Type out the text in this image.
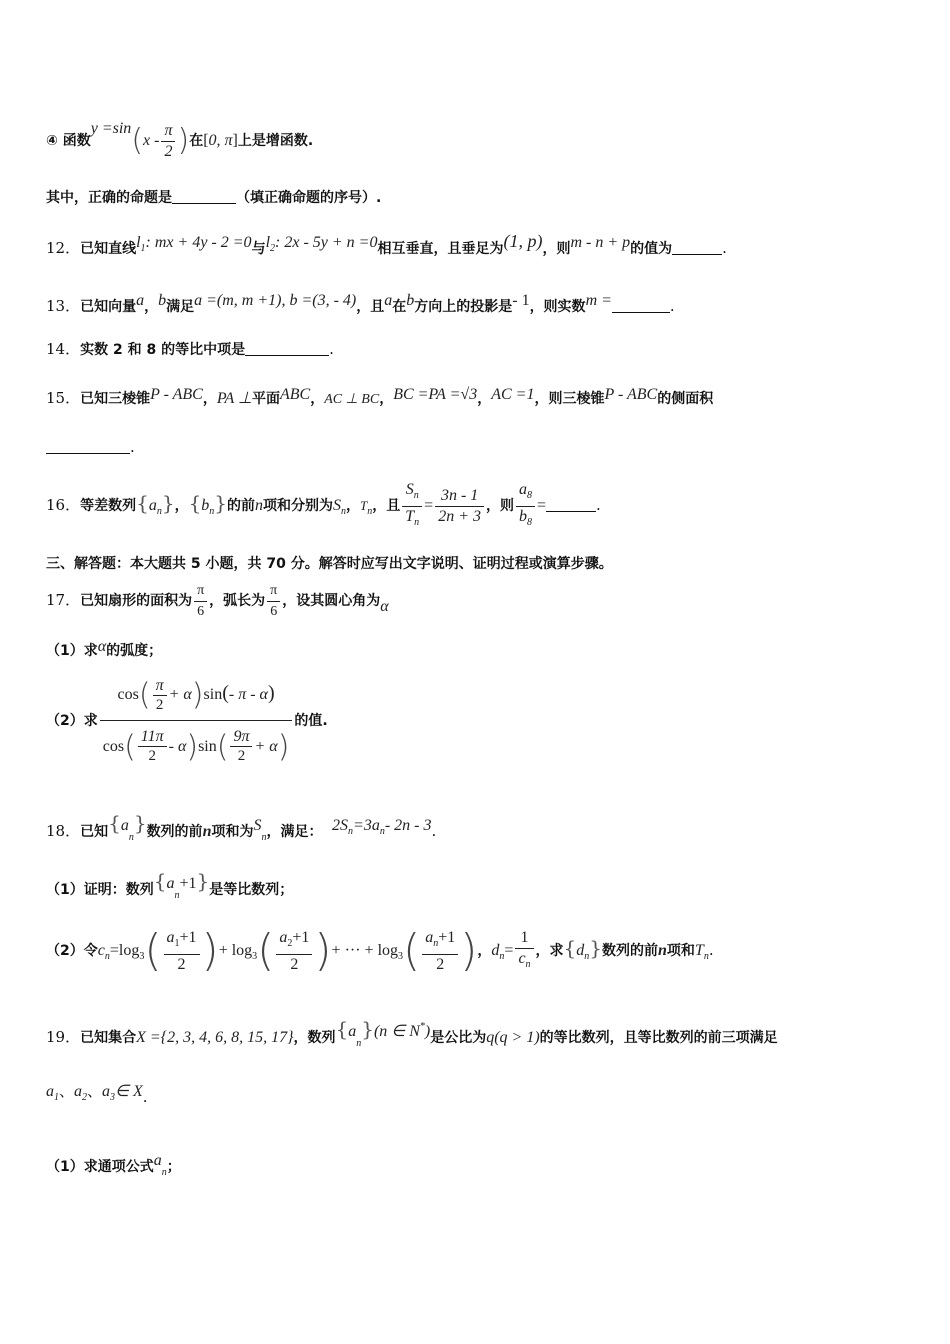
④ 函数$y =\sin(x - \frac{\pi}{2}$ )在[0, π]上是增函数.
其中，正确的命题是	（填正确命题的序号）.
12．已知直线$l_1$: mx + 4y - 2 =0与$l_2$: 2x - 5y + n =0相互垂直，且垂足为(1, p)，则m - n + p的值为	.
13．已知向量a，b满足a =(m, m +1), b =(3, - 4)，且a在b方向上的投影是- 1，则实数m =	.
14．实数 2 和 8 的等比中项是	.
15．已知三棱锥P - ABC，PA ⊥平面ABC，AC ⊥ BC，BC =PA =√3，AC =1，则三棱锥P - ABC的侧面积
.
16．等差数列$\{a_n\}$，$\{b_n\}$的前n项和分别为$S_n$，$T_n$，且 $\frac{S_n}{T_n} = \frac{3n - 1}{2n + 3}$ ，则 $\frac{a_8}{b_8}$ =	.
三、解答题：本大题共 5 小题，共 70 分。解答时应写出文字说明、证明过程或演算步骤。
17．已知扇形的面积为 $\frac{\pi}{6}$ ，弧长为 $\frac{\pi}{6}$ ，设其圆心角为α
（1）求α的弧度；
（2）求 $\frac{\cos( \frac{\pi}{2} + \alpha)\sin(- \pi - \alpha)}{\cos( \frac{11\pi}{2} - \alpha)\sin( \frac{9\pi}{2} + \alpha)}$ 的值.
18．已知$\{a_n\}$数列的前n项和为$S_n$，满足： $2S_n=3a_n-$ 2n - 3.
（1）证明：数列$\{a_n+1\}$是等比数列；
（2）令$c_n=\log_3( \frac{a_1+1}{2}$ )+ $\log_3( \frac{a_2+1}{2}$ )+ ··· + $\log_3( \frac{a_n+1}{2}$ )，$d_n= \frac{1}{c_n}$ ，求$\{d_n\}$数列的前n项和$T_n$.
19．已知集合X ={2, 3, 4, 6, 8, 15, 17}，数列$\{a_n\}(n$ ∈ N*)是公比为q(q > 1)的等比数列，且等比数列的前三项满足
$a_1$、$a_2$、$a_3\in$ X.
（1）求通项公式$a_n$；
